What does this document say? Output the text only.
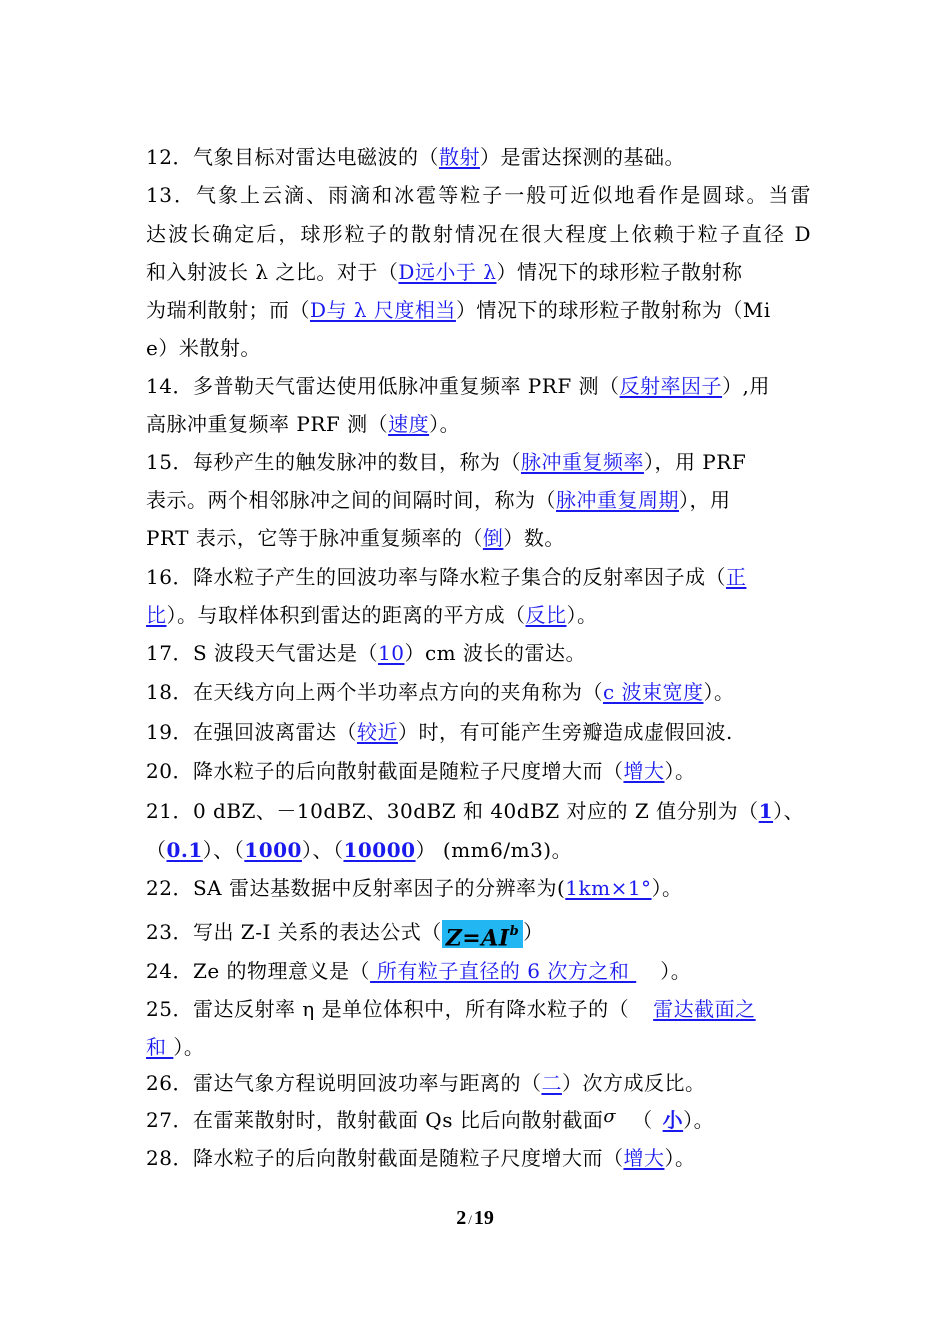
12．气象目标对雷达电磁波的（散射）是雷达探测的基础。
13．气象上云滴、雨滴和冰雹等粒子一般可近似地看作是圆球。当雷
达波长确定后，球形粒子的散射情况在很大程度上依赖于粒子直径 D
和入射波长 λ 之比。对于（D远小于 λ）情况下的球形粒子散射称
为瑞利散射；而（D与 λ 尺度相当）情况下的球形粒子散射称为（Mi
e）米散射。
14．多普勒天气雷达使用低脉冲重复频率 PRF 测（反射率因子）,用
高脉冲重复频率 PRF 测（速度）。
15．每秒产生的触发脉冲的数目，称为（脉冲重复频率），用 PRF
表示。两个相邻脉冲之间的间隔时间，称为（脉冲重复周期），用
PRT 表示，它等于脉冲重复频率的（倒）数。
16．降水粒子产生的回波功率与降水粒子集合的反射率因子成（正
比）。与取样体积到雷达的距离的平方成（反比）。
17．S 波段天气雷达是（10）cm 波长的雷达。
18．在天线方向上两个半功率点方向的夹角称为（c 波束宽度）。
19．在强回波离雷达（较近）时，有可能产生旁瓣造成虚假回波.
20．降水粒子的后向散射截面是随粒子尺度增大而（增大）。
21．0 dBZ、－10dBZ、30dBZ 和 40dBZ 对应的 Z 值分别为（1）、
（0.1）、（1000）、（10000） (mm6/m3)。
22．SA 雷达基数据中反射率因子的分辨率为(1km×1°）。
23．写出 Z-I 关系的表达公式（ $Z=AI^b$ ）
24．Ze 的物理意义是（ 所有粒子直径的 6 次方之和 ）。
25．雷达反射率 η 是单位体积中，所有降水粒子的（ 雷达截面之
和 ）。
26．雷达气象方程说明回波功率与距离的（二）次方成反比。
27．在雷莱散射时，散射截面 Qs 比后向散射截面σ （ 小）。
28．降水粒子的后向散射截面是随粒子尺度增大而（增大）。
2 / 19
